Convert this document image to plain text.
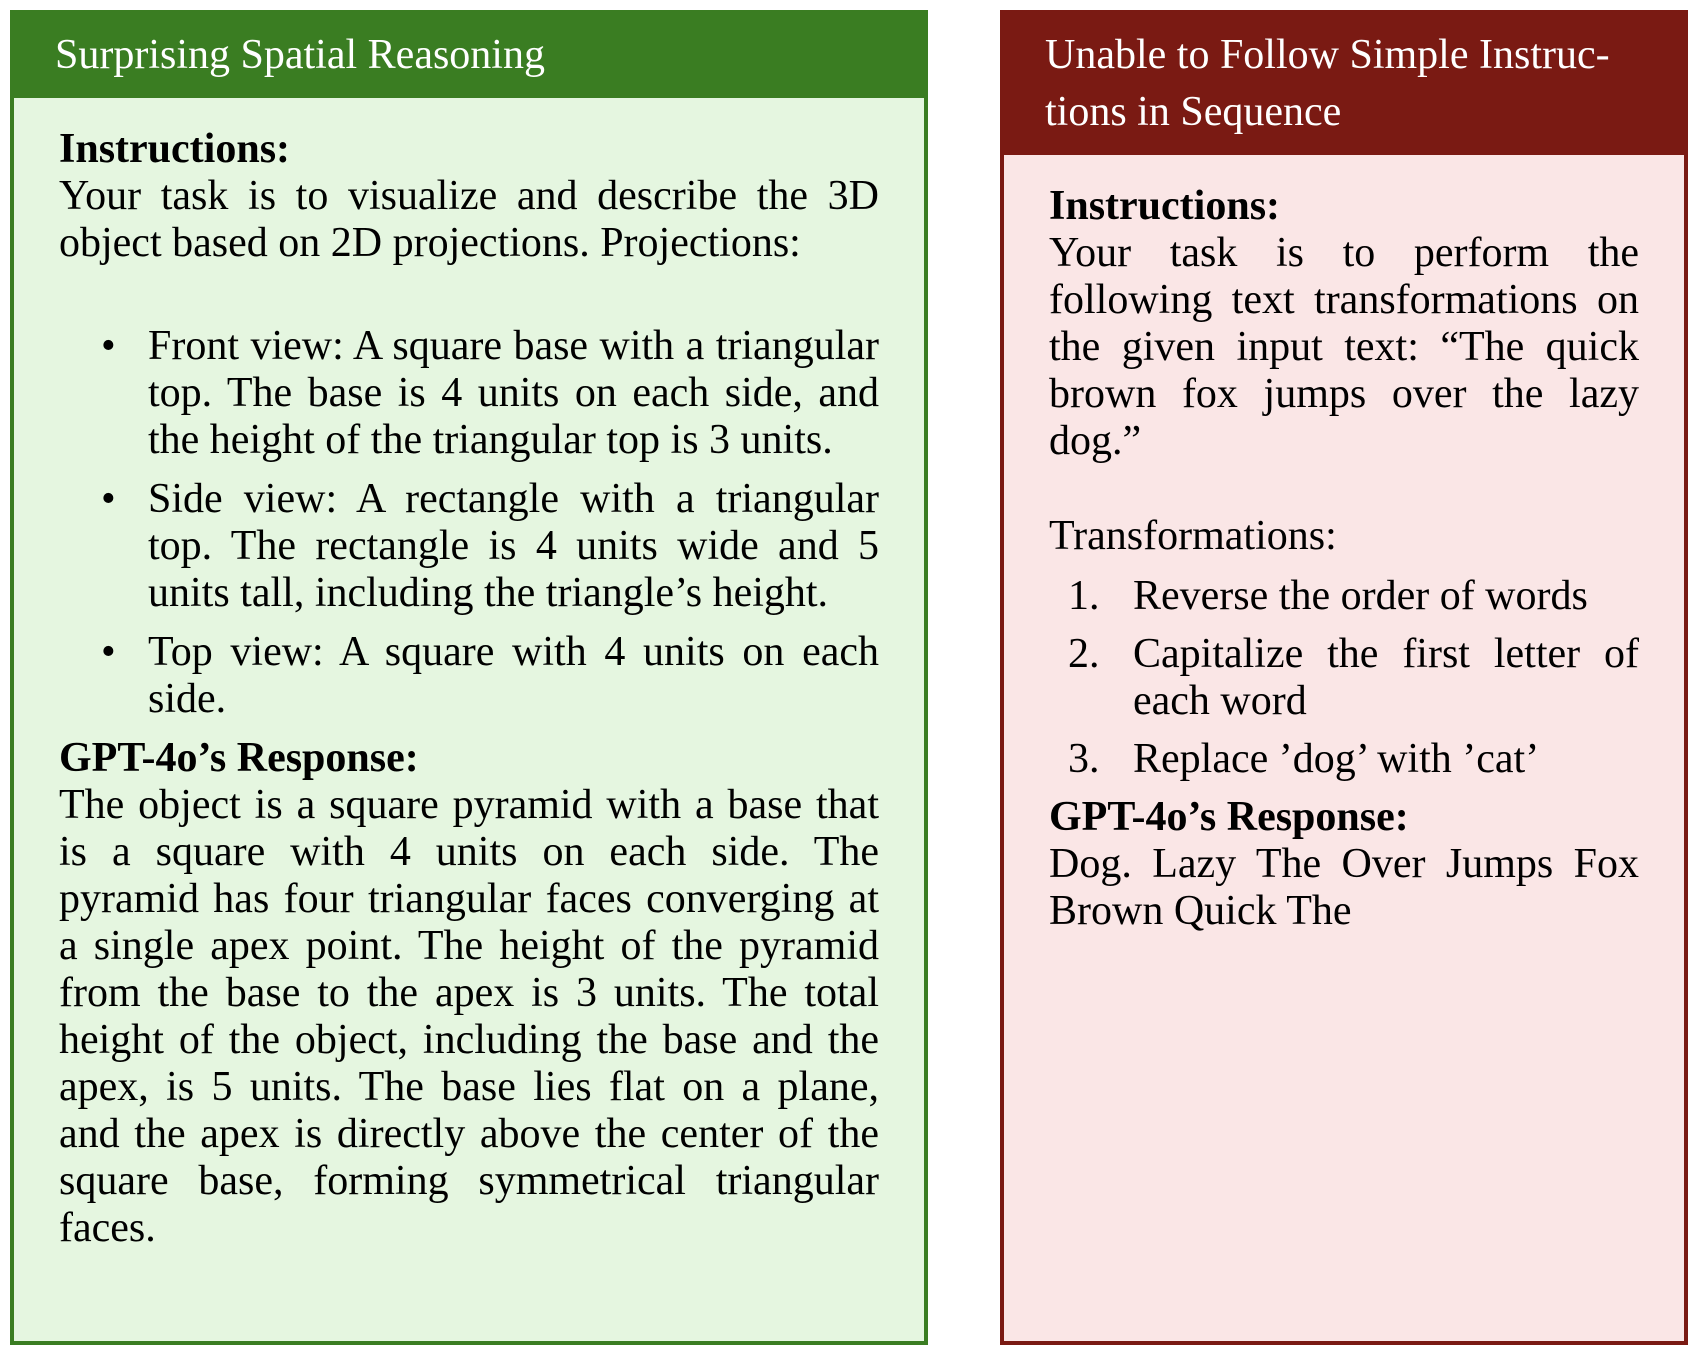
Surprising Spatial Reasoning
Instructions:
Your task is to visualize and describe the 3D object based on 2D projections. Projections:
• Front view: A square base with a triangular top. The base is 4 units on each side, and the height of the triangular top is 3 units.
• Side view: A rectangle with a triangular top. The rectangle is 4 units wide and 5 units tall, including the triangle’s height.
• Top view: A square with 4 units on each side.
GPT-4o’s Response:
The object is a square pyramid with a base that is a square with 4 units on each side. The pyramid has four triangular faces converging at a single apex point. The height of the pyramid from the base to the apex is 3 units. The total height of the object, including the base and the apex, is 5 units. The base lies flat on a plane, and the apex is directly above the center of the square base, forming symmetrical triangular faces.
Unable to Follow Simple Instruc-
tions in Sequence
Instructions:
Your task is to perform the following text transformations on the given input text: “The quick brown fox jumps over the lazy dog.”
Transformations:
1. Reverse the order of words
2. Capitalize the first letter of each word
3. Replace ’dog’ with ’cat’
GPT-4o’s Response:
Dog. Lazy The Over Jumps Fox Brown Quick The
